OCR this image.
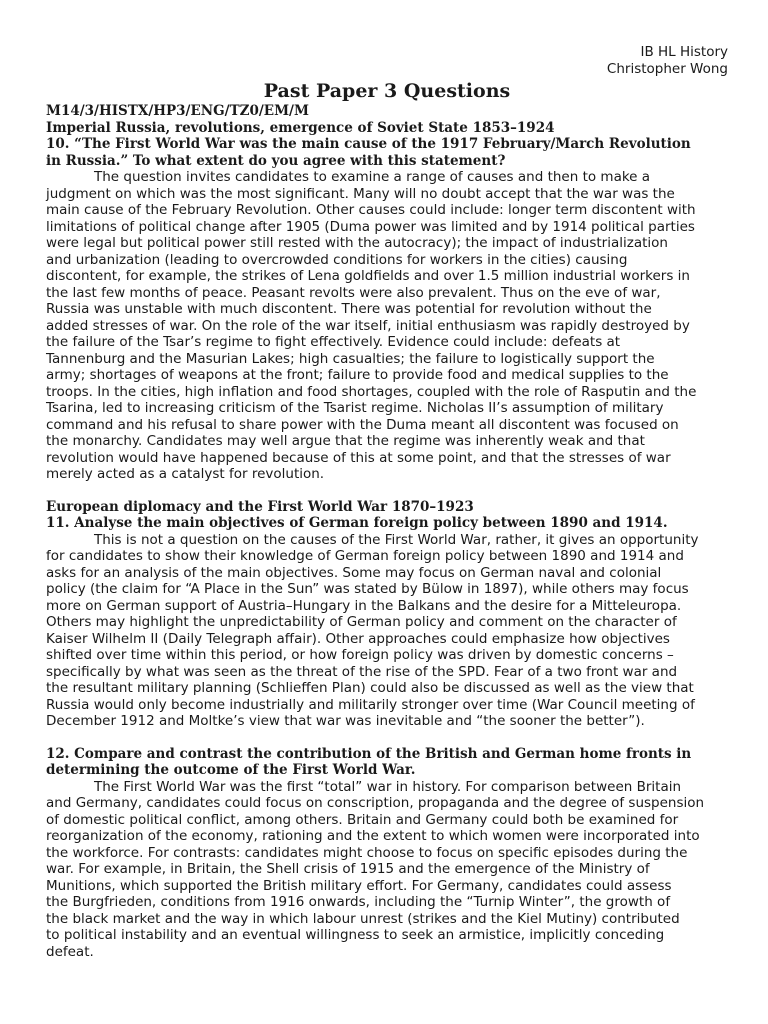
IB HL History
Christopher Wong
Past Paper 3 Questions
M14/3/HISTX/HP3/ENG/TZ0/EM/M
Imperial Russia, revolutions, emergence of Soviet State 1853–1924
10. “The First World War was the main cause of the 1917 February/March Revolution
in Russia.” To what extent do you agree with this statement?
The question invites candidates to examine a range of causes and then to make a
judgment on which was the most significant. Many will no doubt accept that the war was the
main cause of the February Revolution. Other causes could include: longer term discontent with
limitations of political change after 1905 (Duma power was limited and by 1914 political parties
were legal but political power still rested with the autocracy); the impact of industrialization
and urbanization (leading to overcrowded conditions for workers in the cities) causing
discontent, for example, the strikes of Lena goldfields and over 1.5 million industrial workers in
the last few months of peace. Peasant revolts were also prevalent. Thus on the eve of war,
Russia was unstable with much discontent. There was potential for revolution without the
added stresses of war. On the role of the war itself, initial enthusiasm was rapidly destroyed by
the failure of the Tsar’s regime to fight effectively. Evidence could include: defeats at
Tannenburg and the Masurian Lakes; high casualties; the failure to logistically support the
army; shortages of weapons at the front; failure to provide food and medical supplies to the
troops. In the cities, high inflation and food shortages, coupled with the role of Rasputin and the
Tsarina, led to increasing criticism of the Tsarist regime. Nicholas II’s assumption of military
command and his refusal to share power with the Duma meant all discontent was focused on
the monarchy. Candidates may well argue that the regime was inherently weak and that
revolution would have happened because of this at some point, and that the stresses of war
merely acted as a catalyst for revolution.
European diplomacy and the First World War 1870–1923
11. Analyse the main objectives of German foreign policy between 1890 and 1914.
This is not a question on the causes of the First World War, rather, it gives an opportunity
for candidates to show their knowledge of German foreign policy between 1890 and 1914 and
asks for an analysis of the main objectives. Some may focus on German naval and colonial
policy (the claim for “A Place in the Sun” was stated by Bülow in 1897), while others may focus
more on German support of Austria–Hungary in the Balkans and the desire for a Mitteleuropa.
Others may highlight the unpredictability of German policy and comment on the character of
Kaiser Wilhelm II (Daily Telegraph affair). Other approaches could emphasize how objectives
shifted over time within this period, or how foreign policy was driven by domestic concerns –
specifically by what was seen as the threat of the rise of the SPD. Fear of a two front war and
the resultant military planning (Schlieffen Plan) could also be discussed as well as the view that
Russia would only become industrially and militarily stronger over time (War Council meeting of
December 1912 and Moltke’s view that war was inevitable and “the sooner the better”).
12. Compare and contrast the contribution of the British and German home fronts in
determining the outcome of the First World War.
The First World War was the first “total” war in history. For comparison between Britain
and Germany, candidates could focus on conscription, propaganda and the degree of suspension
of domestic political conflict, among others. Britain and Germany could both be examined for
reorganization of the economy, rationing and the extent to which women were incorporated into
the workforce. For contrasts: candidates might choose to focus on specific episodes during the
war. For example, in Britain, the Shell crisis of 1915 and the emergence of the Ministry of
Munitions, which supported the British military effort. For Germany, candidates could assess
the Burgfrieden, conditions from 1916 onwards, including the “Turnip Winter”, the growth of
the black market and the way in which labour unrest (strikes and the Kiel Mutiny) contributed
to political instability and an eventual willingness to seek an armistice, implicitly conceding
defeat.
